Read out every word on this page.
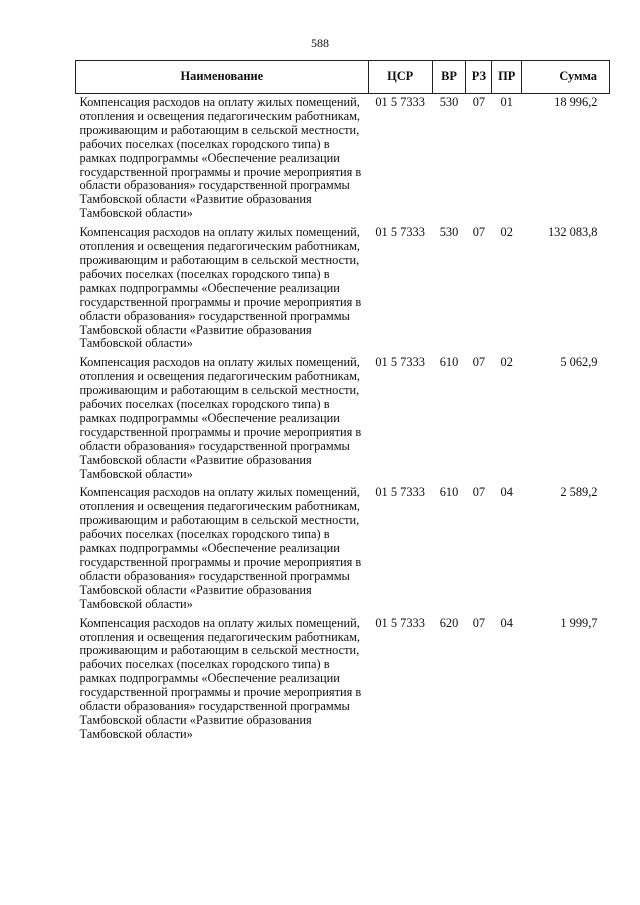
588
Наименование	ЦСР	ВР	РЗ	ПР	Сумма
Компенсация расходов на оплату жилых помещений, отопления и освещения педагогическим работникам, проживающим и работающим в сельской местности, рабочих поселках (поселках городского типа) в рамках подпрограммы «Обеспечение реализации государственной программы и прочие мероприятия в области образования» государственной программы Тамбовской области «Развитие образования Тамбовской области»	01 5 7333	530	07	01	18 996,2
Компенсация расходов на оплату жилых помещений, отопления и освещения педагогическим работникам, проживающим и работающим в сельской местности, рабочих поселках (поселках городского типа) в рамках подпрограммы «Обеспечение реализации государственной программы и прочие мероприятия в области образования» государственной программы Тамбовской области «Развитие образования Тамбовской области»	01 5 7333	530	07	02	132 083,8
Компенсация расходов на оплату жилых помещений, отопления и освещения педагогическим работникам, проживающим и работающим в сельской местности, рабочих поселках (поселках городского типа) в рамках подпрограммы «Обеспечение реализации государственной программы и прочие мероприятия в области образования» государственной программы Тамбовской области «Развитие образования Тамбовской области»	01 5 7333	610	07	02	5 062,9
Компенсация расходов на оплату жилых помещений, отопления и освещения педагогическим работникам, проживающим и работающим в сельской местности, рабочих поселках (поселках городского типа) в рамках подпрограммы «Обеспечение реализации государственной программы и прочие мероприятия в области образования» государственной программы Тамбовской области «Развитие образования Тамбовской области»	01 5 7333	610	07	04	2 589,2
Компенсация расходов на оплату жилых помещений, отопления и освещения педагогическим работникам, проживающим и работающим в сельской местности, рабочих поселках (поселках городского типа) в рамках подпрограммы «Обеспечение реализации государственной программы и прочие мероприятия в области образования» государственной программы Тамбовской области «Развитие образования Тамбовской области»	01 5 7333	620	07	04	1 999,7
